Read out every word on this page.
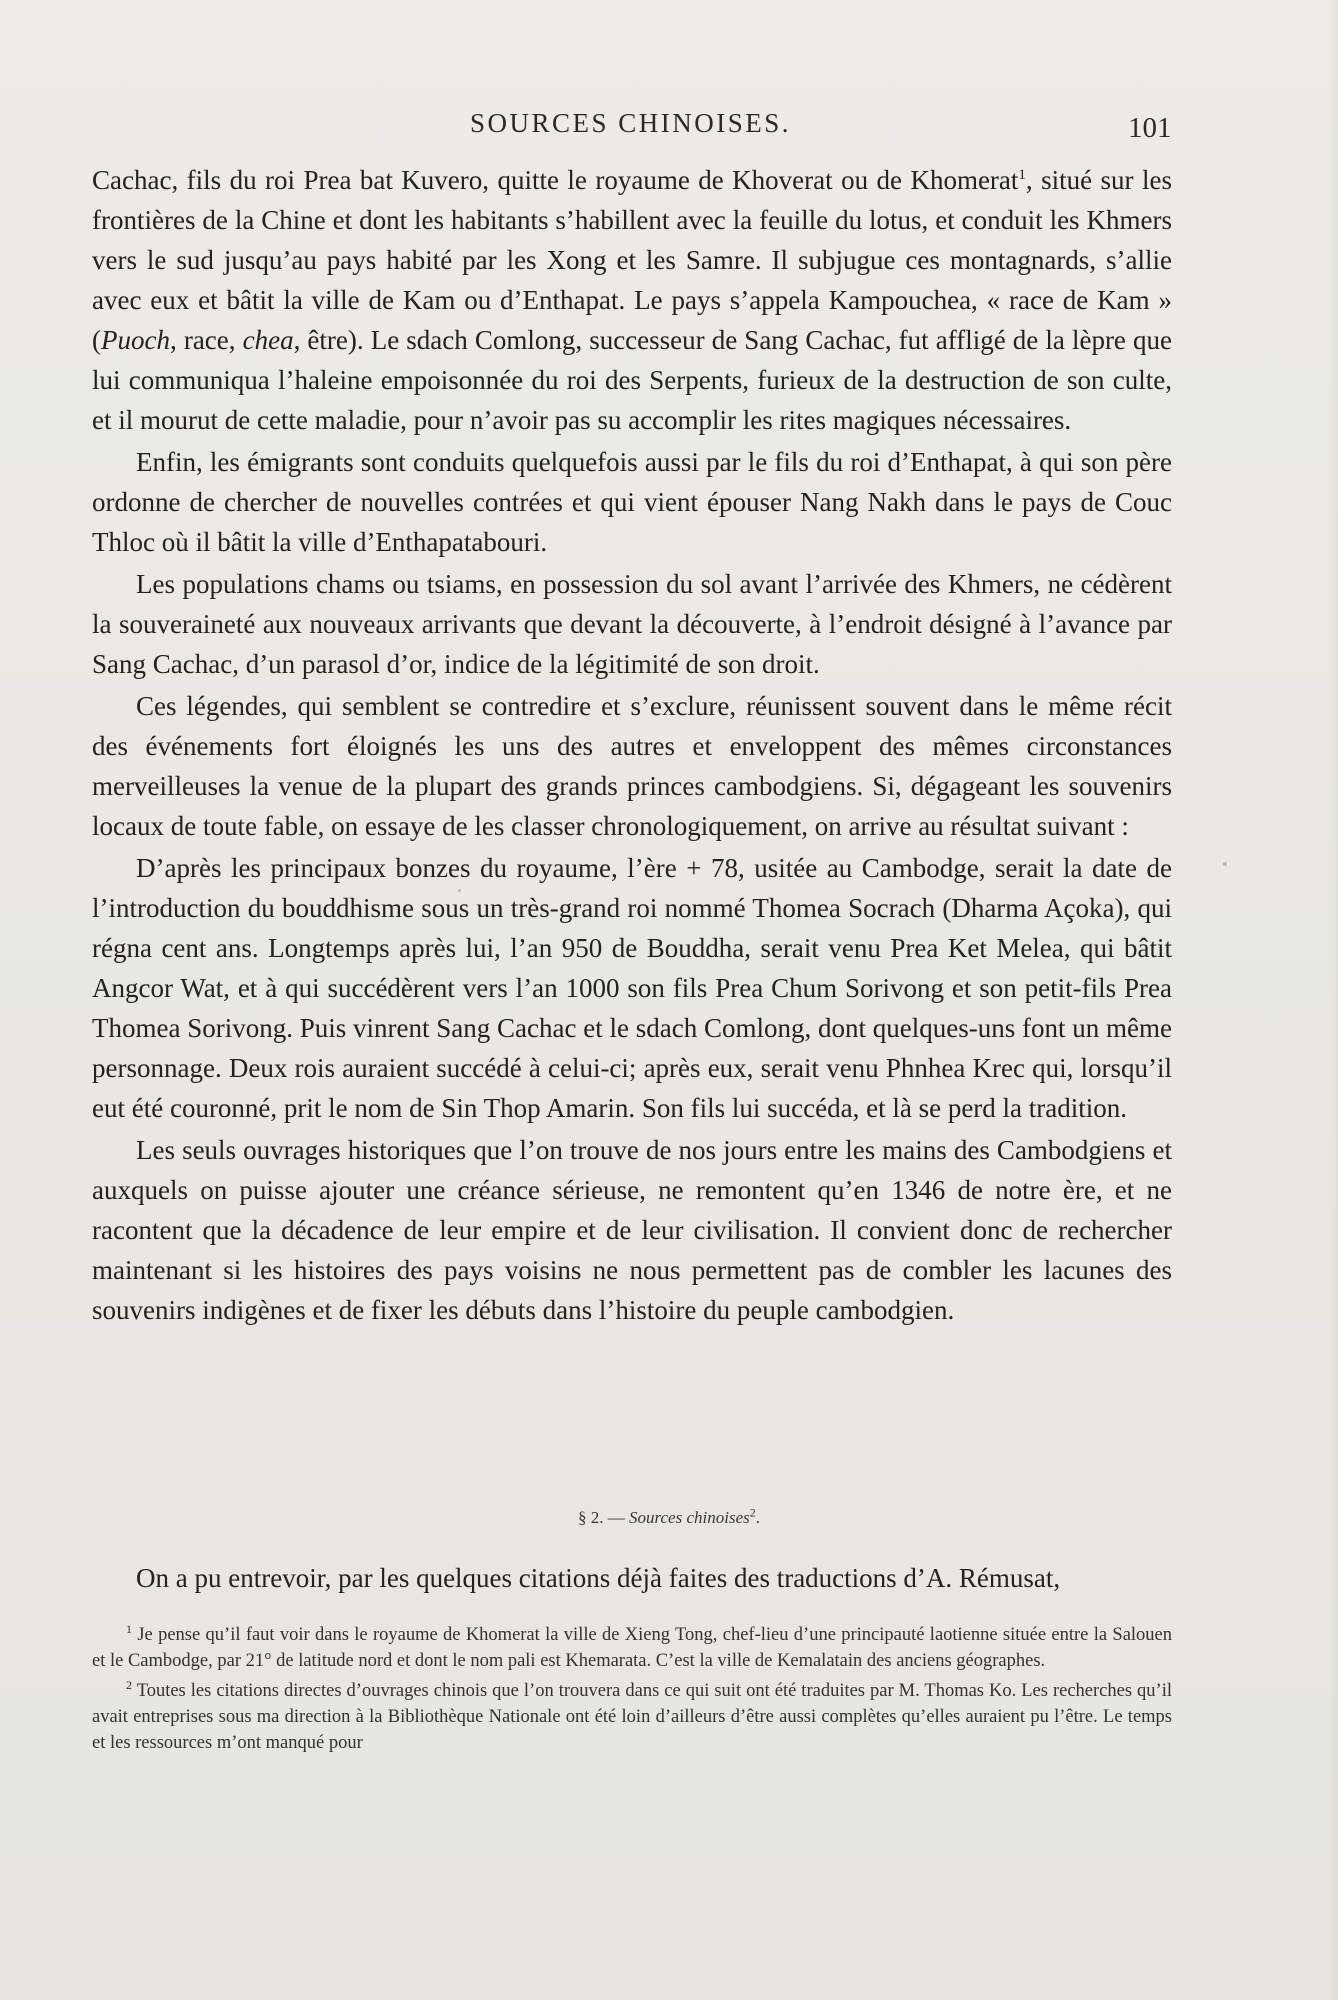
SOURCES CHINOISES.	101

Cachac, fils du roi Prea bat Kuvero, quitte le royaume de Khoverat ou de Khomerat$^1$, situé sur les frontières de la Chine et dont les habitants s’habillent avec la feuille du lotus, et conduit les Khmers vers le sud jusqu’au pays habité par les Xong et les Samre. Il subjugue ces montagnards, s’allie avec eux et bâtit la ville de Kam ou d’Enthapat. Le pays s’appela Kampouchea, « race de Kam » (Puoch, race, chea, être). Le sdach Comlong, successeur de Sang Cachac, fut affligé de la lèpre que lui communiqua l’haleine empoisonnée du roi des Serpents, furieux de la destruction de son culte, et il mourut de cette maladie, pour n’avoir pas su accomplir les rites magiques nécessaires.

Enfin, les émigrants sont conduits quelquefois aussi par le fils du roi d’Enthapat, à qui son père ordonne de chercher de nouvelles contrées et qui vient épouser Nang Nakh dans le pays de Couc Thloc où il bâtit la ville d’Enthapatabouri.

Les populations chams ou tsiams, en possession du sol avant l’arrivée des Khmers, ne cédèrent la souveraineté aux nouveaux arrivants que devant la découverte, à l’endroit désigné à l’avance par Sang Cachac, d’un parasol d’or, indice de la légitimité de son droit.

Ces légendes, qui semblent se contredire et s’exclure, réunissent souvent dans le même récit des événements fort éloignés les uns des autres et enveloppent des mêmes circonstances merveilleuses la venue de la plupart des grands princes cambodgiens. Si, dégageant les souvenirs locaux de toute fable, on essaye de les classer chronologiquement, on arrive au résultat suivant :

D’après les principaux bonzes du royaume, l’ère + 78, usitée au Cambodge, serait la date de l’introduction du bouddhisme sous un très-grand roi nommé Thomea Socrach (Dharma Açoka), qui régna cent ans. Longtemps après lui, l’an 950 de Bouddha, serait venu Prea Ket Melea, qui bâtit Angcor Wat, et à qui succédèrent vers l’an 1000 son fils Prea Chum Sorivong et son petit-fils Prea Thomea Sorivong. Puis vinrent Sang Cachac et le sdach Comlong, dont quelques-uns font un même personnage. Deux rois auraient succédé à celui-ci; après eux, serait venu Phnhea Krec qui, lorsqu’il eut été couronné, prit le nom de Sin Thop Amarin. Son fils lui succéda, et là se perd la tradition.

Les seuls ouvrages historiques que l’on trouve de nos jours entre les mains des Cambodgiens et auxquels on puisse ajouter une créance sérieuse, ne remontent qu’en 1346 de notre ère, et ne racontent que la décadence de leur empire et de leur civilisation. Il convient donc de rechercher maintenant si les histoires des pays voisins ne nous permettent pas de combler les lacunes des souvenirs indigènes et de fixer les débuts dans l’histoire du peuple cambodgien.

§ 2. — Sources chinoises$^2$.
On a pu entrevoir, par les quelques citations déjà faites des traductions d’A. Rémusat,

$^1$ Je pense qu’il faut voir dans le royaume de Khomerat la ville de Xieng Tong, chef-lieu d’une principauté laotienne située entre la Salouen et le Cambodge, par 21° de latitude nord et dont le nom pali est Khemarata. C’est la ville de Kemalatain des anciens géographes.

$^2$ Toutes les citations directes d’ouvrages chinois que l’on trouvera dans ce qui suit ont été traduites par M. Thomas Ko. Les recherches qu’il avait entreprises sous ma direction à la Bibliothèque Nationale ont été loin d’ailleurs d’être aussi complètes qu’elles auraient pu l’être. Le temps et les ressources m’ont manqué pour
